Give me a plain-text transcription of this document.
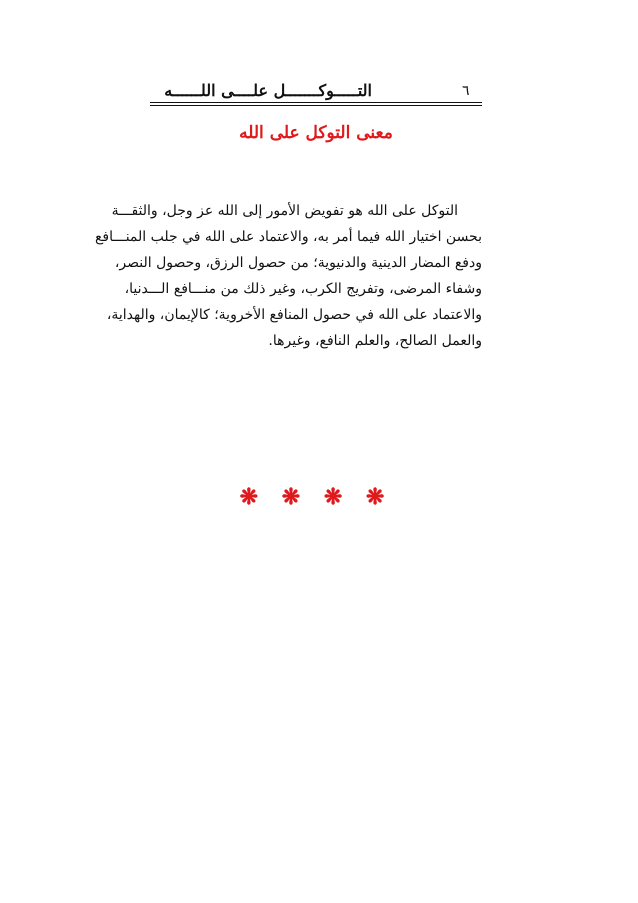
التـــــوكـــــــل علــــى اللــــــه	٦
معنى التوكل على الله
التوكل على الله هو تفويض الأمور إلى الله عز وجل، والثقـــة
بحسن اختيار الله فيما أمر به، والاعتماد على الله في جلب المنـــافع
ودفع المضار الدينية والدنيوية؛ من حصول الرزق، وحصول النصر،
وشفاء المرضى، وتفريج الكرب، وغير ذلك من منـــافع الـــدنيا،
والاعتماد على الله في حصول المنافع الأخروية؛ كالإيمان، والهداية،
والعمل الصالح، والعلم النافع، وغيرها.
❋ ❋ ❋ ❋
